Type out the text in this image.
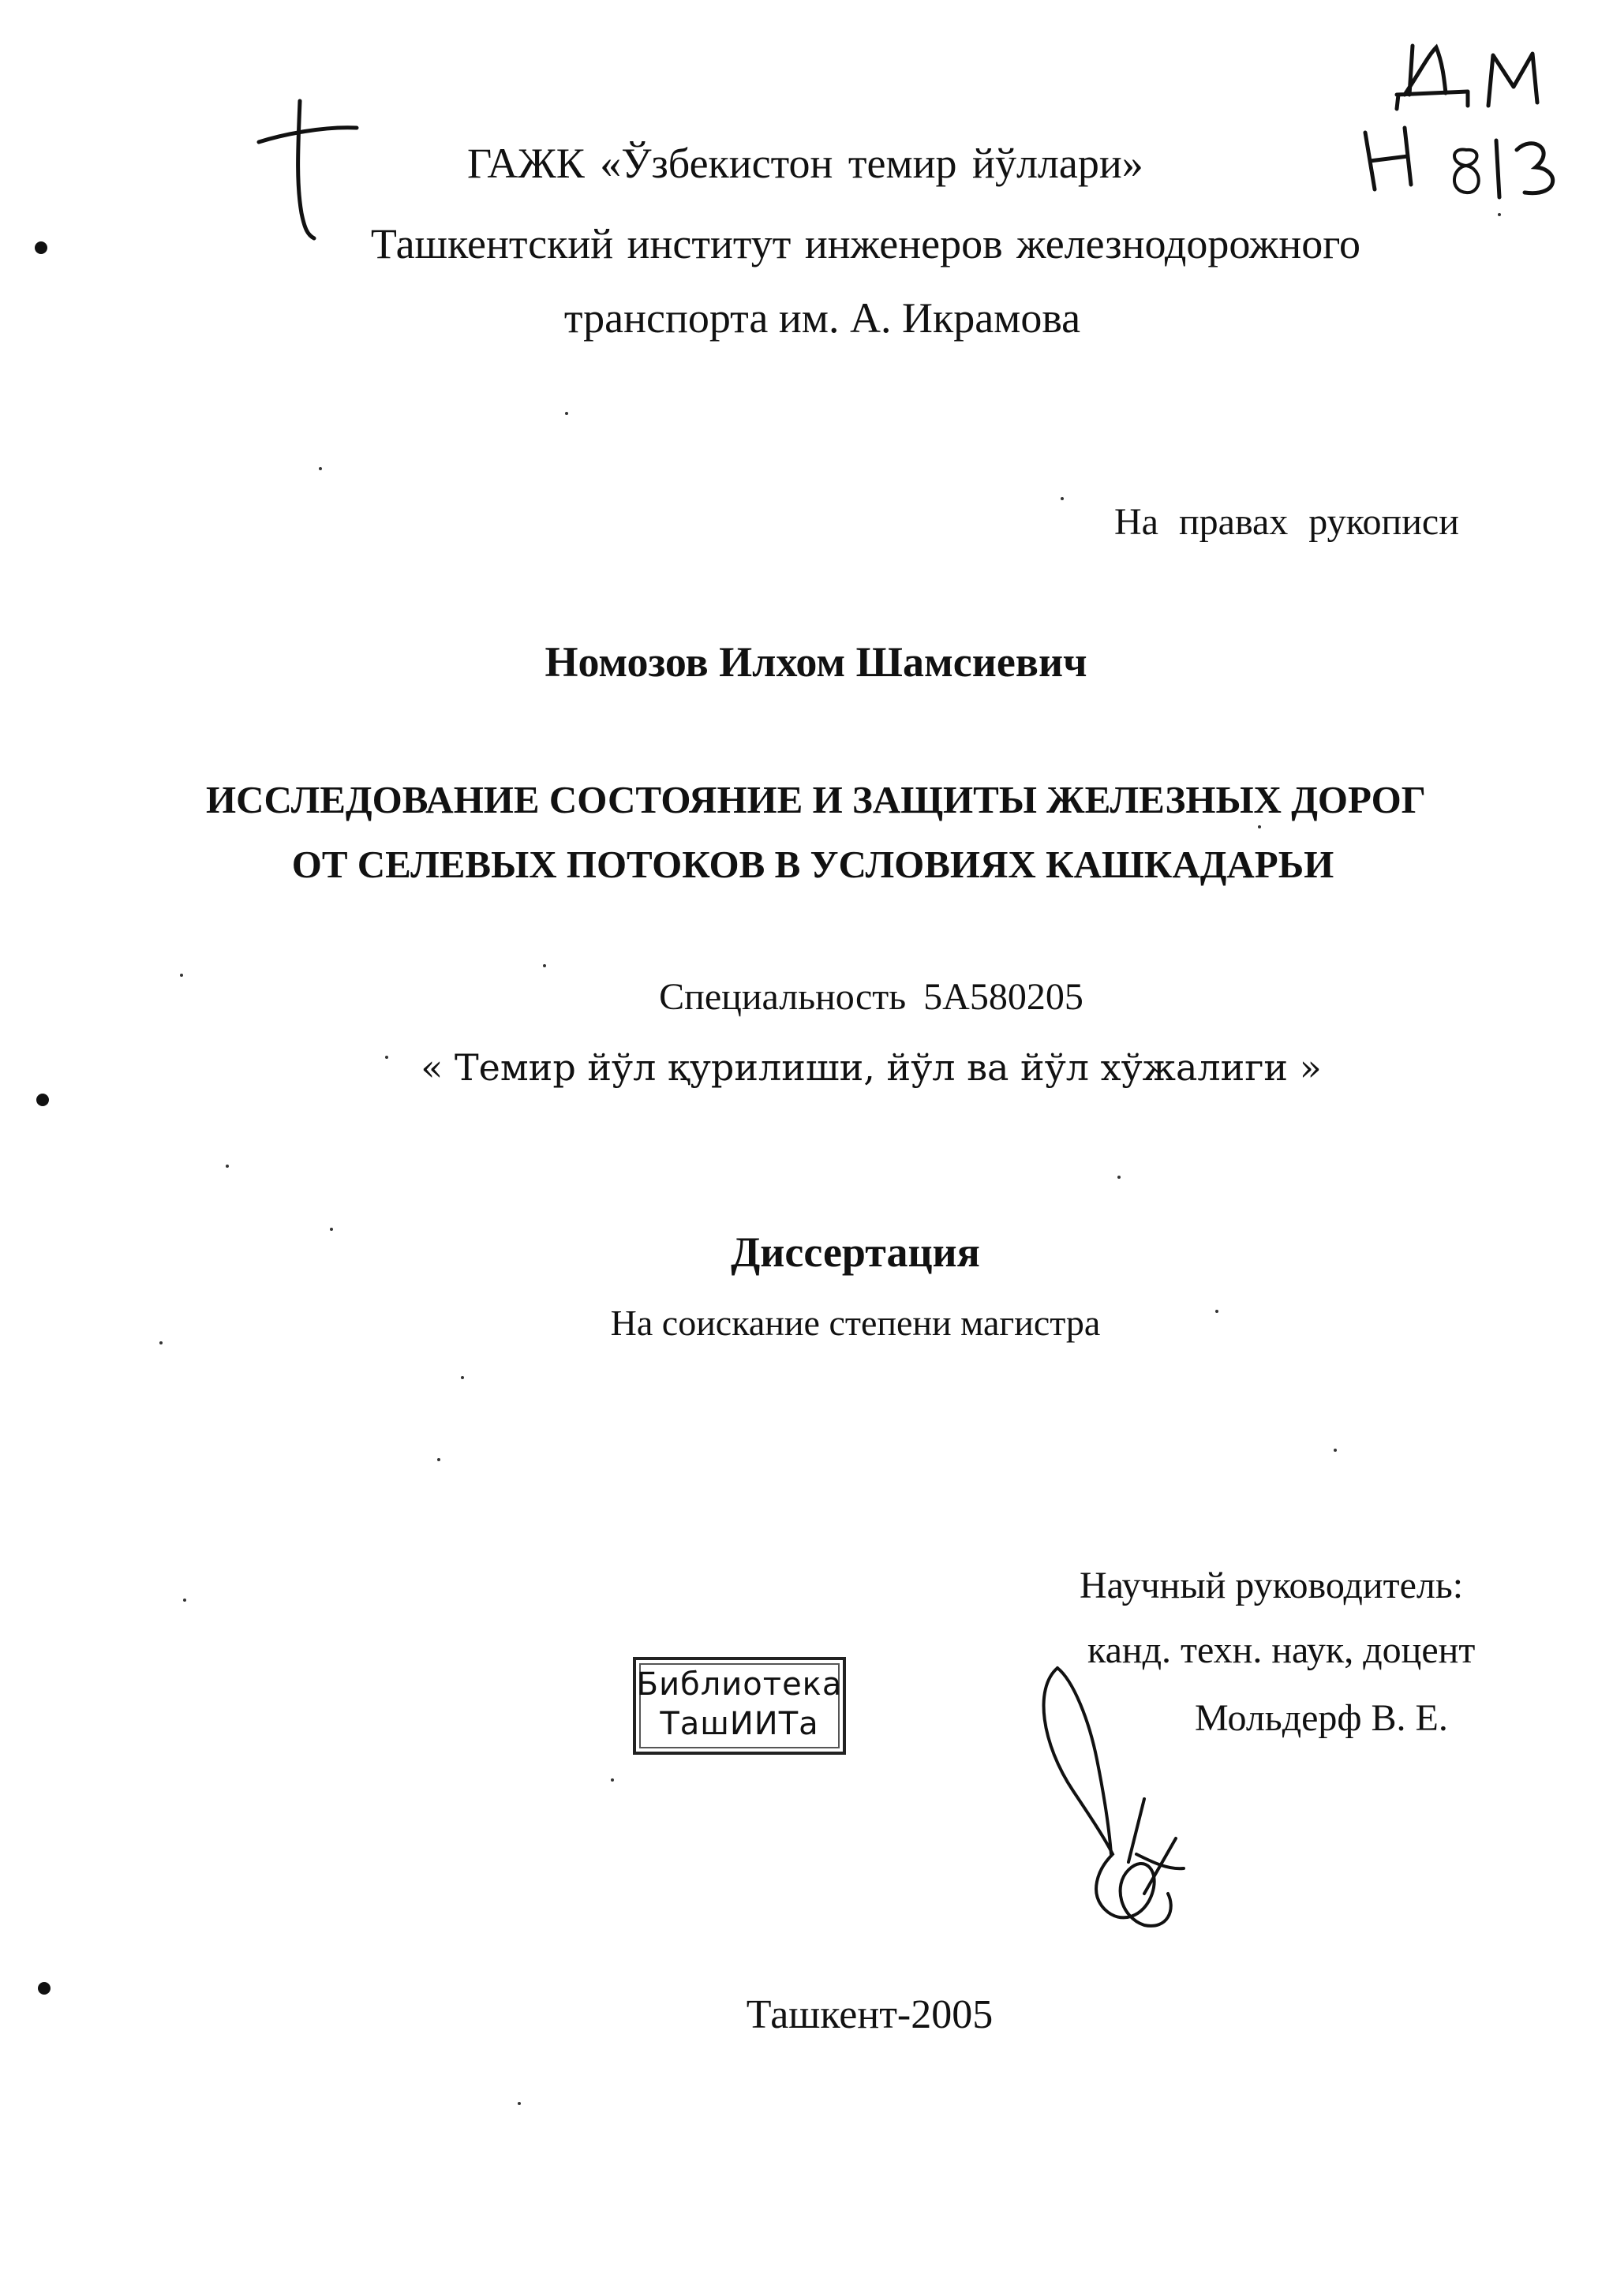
ГАЖК «Ўзбекистон темир йўллари»
Ташкентский институт инженеров железнодорожного
транспорта им. А. Икрамова
На правах рукописи
Номозов Илхом Шамсиевич
ИССЛЕДОВАНИЕ СОСТОЯНИЕ И ЗАЩИТЫ ЖЕЛЕЗНЫХ ДОРОГ
ОТ СЕЛЕВЫХ ПОТОКОВ В УСЛОВИЯХ КАШКАДАРЬИ
Специальность 5А580205
« Темир йўл қурилиши, йўл ва йўл хўжалиги »
Диссертация
На соискание степени магистра
Научный руководитель:
канд. техн. наук, доцент
Мольдерф В. Е.
Библиотека
ТашИИТа
Ташкент-2005
